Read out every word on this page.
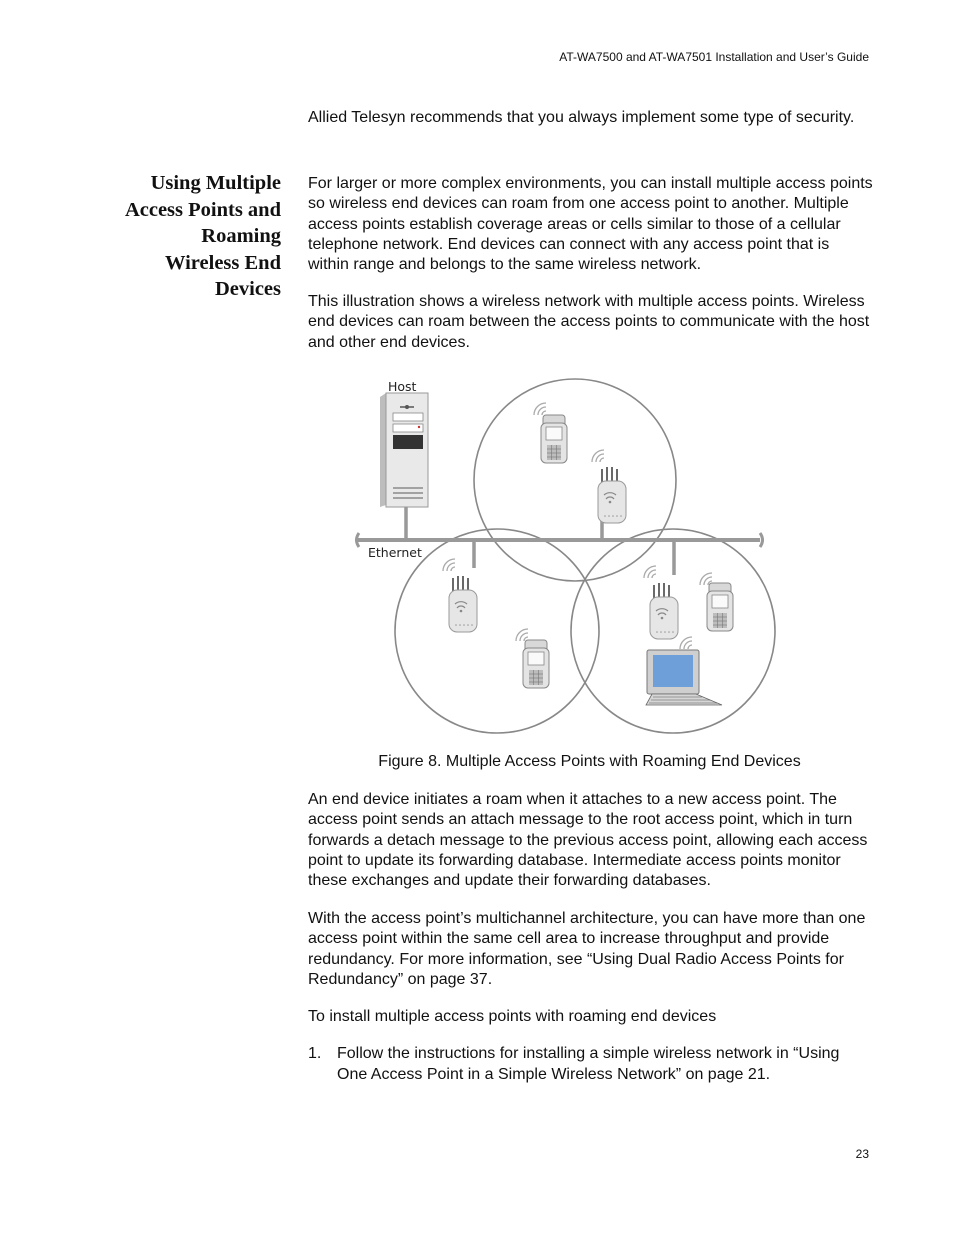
AT-WA7500 and AT-WA7501 Installation and User’s Guide

Allied Telesyn recommends that you always implement some type of security.

Using Multiple
Access Points and
Roaming
Wireless End
Devices

For larger or more complex environments, you can install multiple access points so wireless end devices can roam from one access point to another. Multiple access points establish coverage areas or cells similar to those of a cellular telephone network. End devices can connect with any access point that is within range and belongs to the same wireless network.

This illustration shows a wireless network with multiple access points. Wireless end devices can roam between the access points to communicate with the host and other end devices.

Host
Ethernet
Figure 8. Multiple Access Points with Roaming End Devices

An end device initiates a roam when it attaches to a new access point. The access point sends an attach message to the root access point, which in turn forwards a detach message to the previous access point, allowing each access point to update its forwarding database. Intermediate access points monitor these exchanges and update their forwarding databases.

With the access point’s multichannel architecture, you can have more than one access point within the same cell area to increase throughput and provide redundancy. For more information, see “Using Dual Radio Access Points for Redundancy” on page 37.

To install multiple access points with roaming end devices

1. Follow the instructions for installing a simple wireless network in “Using One Access Point in a Simple Wireless Network” on page 21.
23
